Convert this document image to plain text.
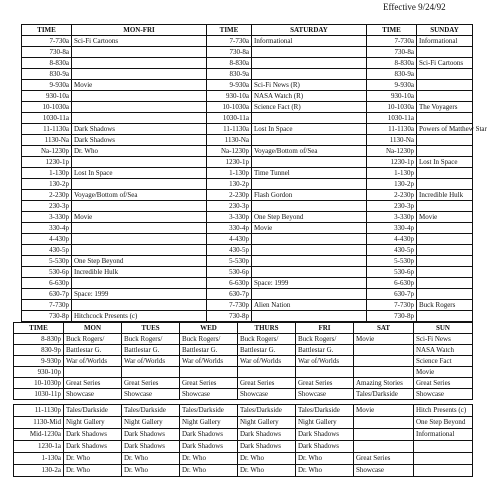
Effective 9/24/92
TIME	MON-FRI	TIME	SATURDAY	TIME	SUNDAY
7-730a	Sci-Fi Cartoons	7-730a	Informational	7-730a	Informational
730-8a		730-8a		730-8a	
8-830a		8-830a		8-830a	Sci-Fi Cartoons
830-9a		830-9a		830-9a	
9-930a	Movie	9-930a	Sci-Fi News (R)	9-930a	
930-10a		930-10a	NASA Watch (R)	930-10a	
10-1030a		10-1030a	Science Fact (R)	10-1030a	The Voyagers
1030-11a		1030-11a		1030-11a	
11-1130a	Dark Shadows	11-1130a	Lost In Space	11-1130a	Powers of Matthew Star
1130-Na	Dark Shadows	1130-Na		1130-Na	
Na-1230p	Dr. Who	Na-1230p	Voyage/Bottom of/Sea	Na-1230p	
1230-1p		1230-1p		1230-1p	Lost In Space
1-130p	Lost In Space	1-130p	Time Tunnel	1-130p	
130-2p		130-2p		130-2p	
2-230p	Voyage/Bottom of/Sea	2-230p	Flash Gordon	2-230p	Incredible Hulk
230-3p		230-3p		230-3p	
3-330p	Movie	3-330p	One Step Beyond	3-330p	Movie
330-4p		330-4p	Movie	330-4p	
4-430p		4-430p		4-430p	
430-5p		430-5p		430-5p	
5-530p	One Step Beyond	5-530p		5-530p	
530-6p	Incredible Hulk	530-6p		530-6p	
6-630p		6-630p	Space: 1999	6-630p	
630-7p	Space: 1999	630-7p		630-7p	
7-730p		7-730p	Alien Nation	7-730p	Buck Rogers
730-8p	Hitchcock Presents (c)	730-8p		730-8p	
TIME	MON	TUES	WED	THURS	FRI	SAT	SUN
8-830p	Buck Rogers/	Buck Rogers/	Buck Rogers/	Buck Rogers/	Buck Rogers/	Movie	Sci-Fi News
830-9p	Battlestar G.	Battlestar G.	Battlestar G.	Battlestar G.	Battlestar G.		NASA Watch
9-930p	War of/Worlds	War of/Worlds	War of/Worlds	War of/Worlds	War of/Worlds		Science Fact
930-10p							Movie
10-1030p	Great Series	Great Series	Great Series	Great Series	Great Series	Amazing Stories	Great Series
1030-11p	Showcase	Showcase	Showcase	Showcase	Showcase	Tales/Darkside	Showcase
11-1130p	Tales/Darkside	Tales/Darkside	Tales/Darkside	Tales/Darkside	Tales/Darkside	Movie	Hitch Presents (c)
1130-Mid	Night Gallery	Night Gallery	Night Gallery	Night Gallery	Night Gallery		One Step Beyond
Mid-1230a	Dark Shadows	Dark Shadows	Dark Shadows	Dark Shadows	Dark Shadows		Informational
1230-1a	Dark Shadows	Dark Shadows	Dark Shadows	Dark Shadows	Dark Shadows		
1-130a	Dr. Who	Dr. Who	Dr. Who	Dr. Who	Dr. Who	Great Series	
130-2a	Dr. Who	Dr. Who	Dr. Who	Dr. Who	Dr. Who	Showcase	
